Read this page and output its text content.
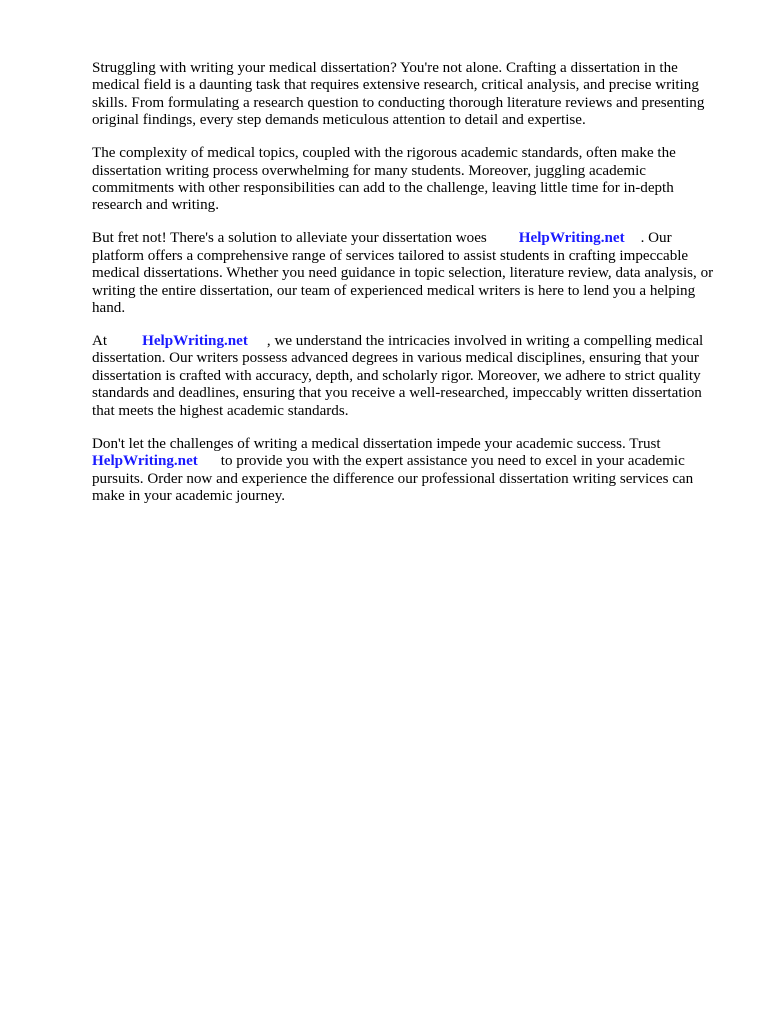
Struggling with writing your medical dissertation? You're not alone. Crafting a dissertation in the medical field is a daunting task that requires extensive research, critical analysis, and precise writing skills. From formulating a research question to conducting thorough literature reviews and presenting original findings, every step demands meticulous attention to detail and expertise.

The complexity of medical topics, coupled with the rigorous academic standards, often make the dissertation writing process overwhelming for many students. Moreover, juggling academic commitments with other responsibilities can add to the challenge, leaving little time for in-depth research and writing.

But fret not! There's a solution to alleviate your dissertation woes HelpWriting.net . Our platform offers a comprehensive range of services tailored to assist students in crafting impeccable medical dissertations. Whether you need guidance in topic selection, literature review, data analysis, or writing the entire dissertation, our team of experienced medical writers is here to lend you a helping hand.

At HelpWriting.net , we understand the intricacies involved in writing a compelling medical dissertation. Our writers possess advanced degrees in various medical disciplines, ensuring that your dissertation is crafted with accuracy, depth, and scholarly rigor. Moreover, we adhere to strict quality standards and deadlines, ensuring that you receive a well-researched, impeccably written dissertation that meets the highest academic standards.

Don't let the challenges of writing a medical dissertation impede your academic success. Trust HelpWriting.net to provide you with the expert assistance you need to excel in your academic pursuits. Order now and experience the difference our professional dissertation writing services can make in your academic journey.
